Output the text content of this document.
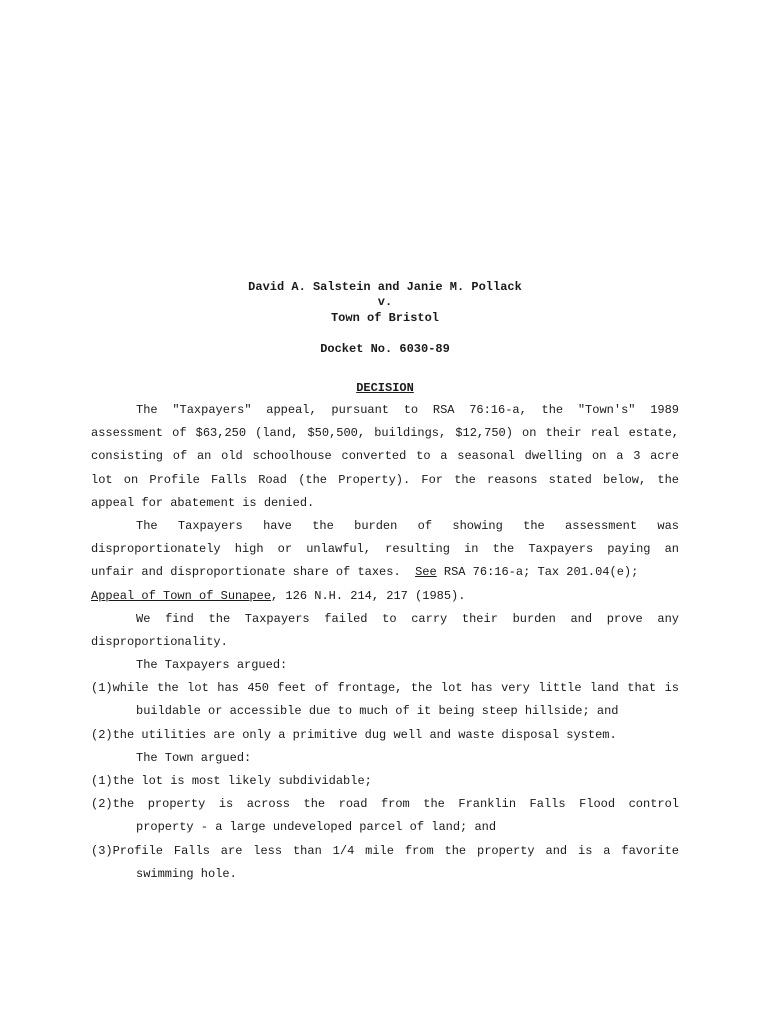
David A. Salstein and Janie M. Pollack

v.

Town of Bristol

Docket No. 6030-89

DECISION

The "Taxpayers" appeal, pursuant to RSA 76:16-a, the "Town's" 1989
assessment of $63,250 (land, $50,500, buildings, $12,750) on their real estate,
consisting of an old schoolhouse converted to a seasonal dwelling on a 3 acre
lot on Profile Falls Road (the Property). For the reasons stated below, the
appeal for abatement is denied.
The Taxpayers have the burden of showing the assessment was
disproportionately high or unlawful, resulting in the Taxpayers paying an
unfair and disproportionate share of taxes.  See RSA 76:16-a; Tax 201.04(e);
Appeal of Town of Sunapee, 126 N.H. 214, 217 (1985).
We find the Taxpayers failed to carry their burden and prove any
disproportionality.
The Taxpayers argued:
(1)while the lot has 450 feet of frontage, the lot has very little land that is
buildable or accessible due to much of it being steep hillside; and
(2)the utilities are only a primitive dug well and waste disposal system.
The Town argued:
(1)the lot is most likely subdividable;
(2)the property is across the road from the Franklin Falls Flood control
property - a large undeveloped parcel of land; and
(3)Profile Falls are less than 1/4 mile from the property and is a favorite
swimming hole.
